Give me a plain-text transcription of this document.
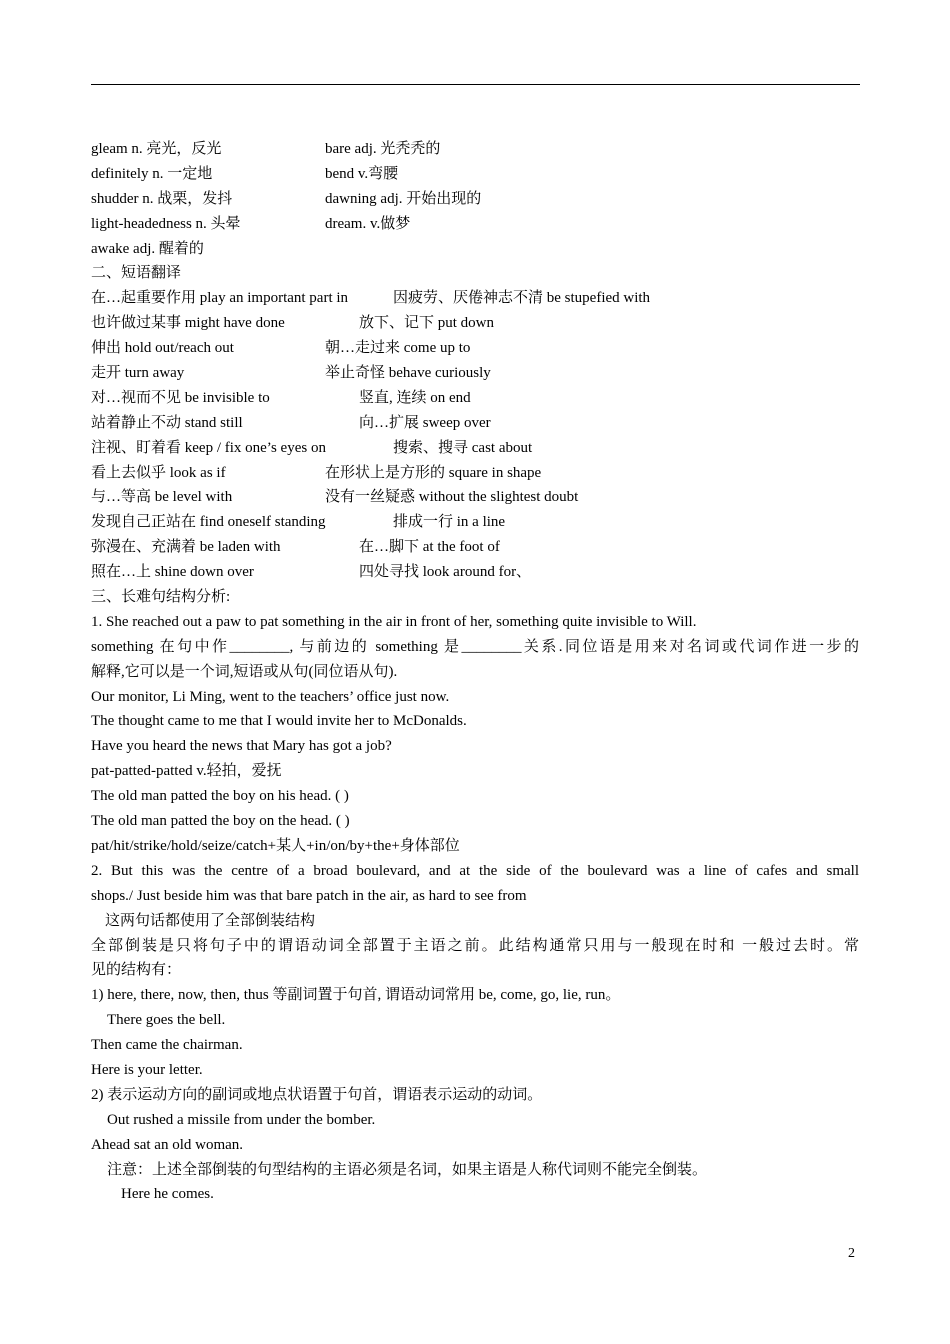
gleam n. 亮光，反光	bare adj. 光秃秃的
definitely n. 一定地	bend v.弯腰
shudder n. 战栗，发抖	dawning adj. 开始出现的
light-headedness n. 头晕	dream. v.做梦
awake adj. 醒着的
二、短语翻译
在…起重要作用 play an important part in	因疲劳、厌倦神志不清 be stupefied with
也许做过某事 might have done	放下、记下 put down
伸出 hold out/reach out	朝…走过来 come up to
走开 turn away	举止奇怪 behave curiously
对…视而不见 be invisible to	竖直, 连续 on end
站着静止不动 stand still	向…扩展 sweep over
注视、盯着看 keep / fix one’s eyes on	搜索、搜寻 cast about
看上去似乎 look as if	在形状上是方形的 square in shape
与…等高 be level with	没有一丝疑惑 without the slightest doubt
发现自己正站在 find oneself standing	排成一行 in a line
弥漫在、充满着 be laden with	在…脚下 at the foot of
照在…上 shine down over	四处寻找 look around for、
三、长难句结构分析:
1. She reached out a paw to pat something in the air in front of her, something quite invisible to Will.
something 在句中作________, 与前边的 something 是________关系.同位语是用来对名词或代词作进一步的
解释,它可以是一个词,短语或从句(同位语从句).
Our monitor, Li Ming, went to the teachers’ office just now.
The thought came to me that I would invite her to McDonalds.
Have you heard the news that Mary has got a job?
pat-patted-patted v.轻拍，爱抚
The old man patted the boy on his head. ( )
The old man patted the boy on the head. ( )
pat/hit/strike/hold/seize/catch+某人+in/on/by+the+身体部位
2. But this was the centre of a broad boulevard, and at the side of the boulevard was a line of cafes and small
shops./ Just beside him was that bare patch in the air, as hard to see from
这两句话都使用了全部倒装结构
全部倒装是只将句子中的谓语动词全部置于主语之前。此结构通常只用与一般现在时和 一般过去时。常
见的结构有：
1) here, there, now, then, thus 等副词置于句首, 谓语动词常用 be, come, go, lie, run。
There goes the bell.
Then came the chairman.
Here is your letter.
2) 表示运动方向的副词或地点状语置于句首，谓语表示运动的动词。
Out rushed a missile from under the bomber.
Ahead sat an old woman.
注意：上述全部倒装的句型结构的主语必须是名词，如果主语是人称代词则不能完全倒装。
Here he comes.
2
